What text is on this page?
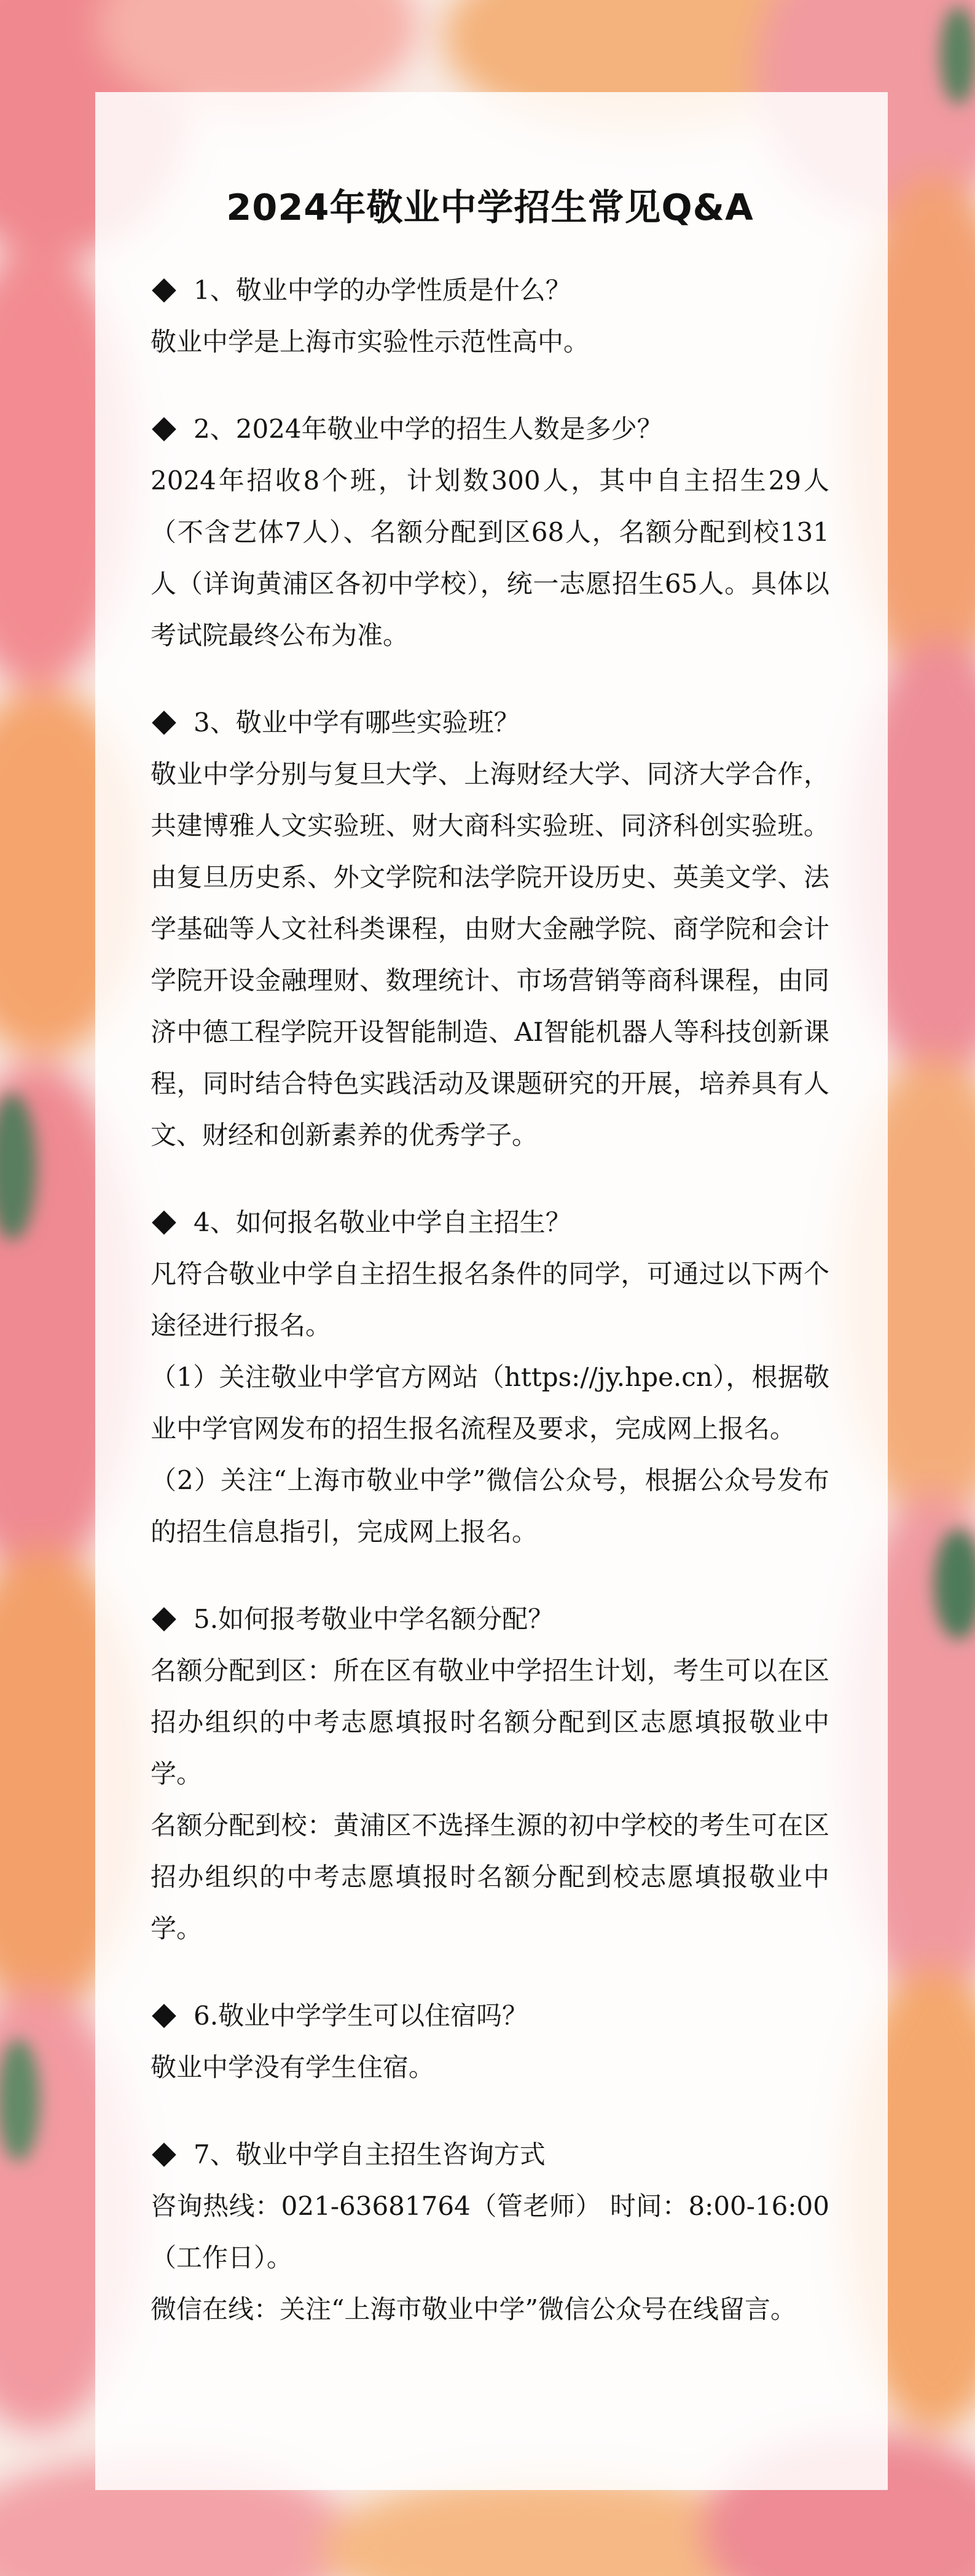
2024年敬业中学招生常见Q&A
1、敬业中学的办学性质是什么？

敬业中学是上海市实验性示范性高中。

2、2024年敬业中学的招生人数是多少？

2024年招收8个班，计划数300人，其中自主招生29人（不含艺体7人）、名额分配到区68人，名额分配到校131人（详询黄浦区各初中学校），统一志愿招生65人。具体以考试院最终公布为准。

3、敬业中学有哪些实验班？

敬业中学分别与复旦大学、上海财经大学、同济大学合作，共建博雅人文实验班、财大商科实验班、同济科创实验班。由复旦历史系、外文学院和法学院开设历史、英美文学、法学基础等人文社科类课程，由财大金融学院、商学院和会计学院开设金融理财、数理统计、市场营销等商科课程，由同济中德工程学院开设智能制造、AI智能机器人等科技创新课程，同时结合特色实践活动及课题研究的开展，培养具有人文、财经和创新素养的优秀学子。

4、如何报名敬业中学自主招生？

凡符合敬业中学自主招生报名条件的同学，可通过以下两个途径进行报名。

（1）关注敬业中学官方网站（https://jy.hpe.cn），根据敬业中学官网发布的招生报名流程及要求，完成网上报名。

（2）关注“上海市敬业中学”微信公众号，根据公众号发布的招生信息指引，完成网上报名。

5.如何报考敬业中学名额分配？

名额分配到区：所在区有敬业中学招生计划，考生可以在区招办组织的中考志愿填报时名额分配到区志愿填报敬业中学。

名额分配到校：黄浦区不选择生源的初中学校的考生可在区招办组织的中考志愿填报时名额分配到校志愿填报敬业中学。

6.敬业中学学生可以住宿吗？

敬业中学没有学生住宿。

7、敬业中学自主招生咨询方式

咨询热线：021-63681764（管老师） 时间：8:00-16:00（工作日）。

微信在线：关注“上海市敬业中学”微信公众号在线留言。
